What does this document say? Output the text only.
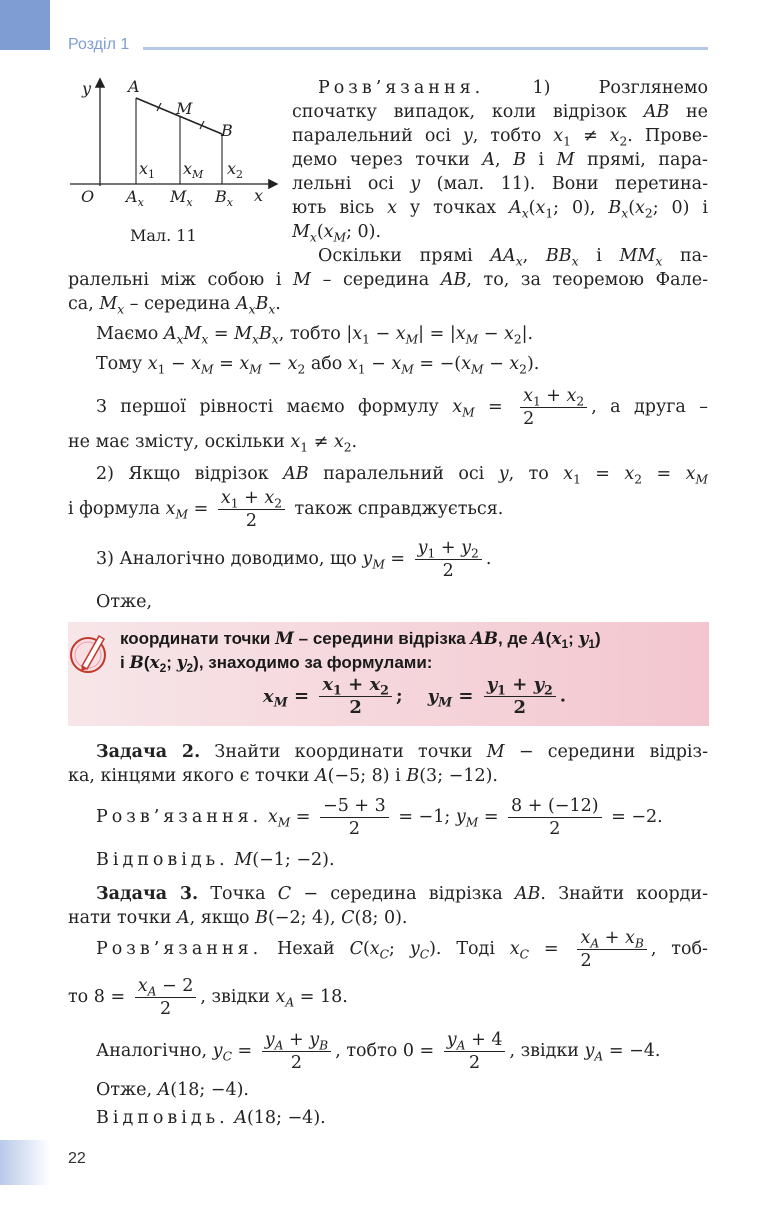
Розділ 1
y
x
O
A
M
B
$x_1$ $x_M$ $x_2$
$A_x$ $M_x$ $B_x$
Мал. 11
Розв’язання. 1) Розглянемо
спочатку випадок, коли відрізок AB не
паралельний осі y, тобто $x_1 \ne x_2$. Прове-
демо через точки A, B і M прямі, пара-
лельні осі y (мал. 11). Вони перетина-
ють вісь x у точках $A_x(x_1$; 0), $B_x(x_2$; 0) і
$M_x(x_M$; 0).
Оскільки прямі $AA_x$, $BB_x$ і $MM_x$ па-
ралельні між собою і M – середина AB, то, за теоремою Фале-
са, $M_x$ – середина $A_xB_x$.
Маємо $A_xM_x = M_xB_x$, тобто $|x_1 - x_M| = |x_M - x_2|$.
Тому $x_1 - x_M = x_M - x_2$ або $x_1 - x_M = -(x_M - x_2)$.
З першої рівності маємо формулу $x_M = \frac{x_1 + x_2}{2}$ , а друга –
не має змісту, оскільки $x_1 \ne x_2$.
2) Якщо відрізок AB паралельний осі y, то $x_1 = x_2 = x_M$
і формула $x_M = \frac{x_1 + x_2}{2}$ також справджується.
3) Аналогічно доводимо, що $y_M = \frac{y_1 + y_2}{2}$ .
Отже,
координати точки M – середини відрізка AB, де $A(x_1$; $y_1$)
і $B(x_2$; $y_2$), знаходимо за формулами:
$x_M = \frac{x_1 + x_2}{2}$ ;    $y_M = \frac{y_1 + y_2}{2}$ .
Задача 2. Знайти координати точки M − середини відріз-
ка, кінцями якого є точки A(−5; 8) і B(3; −12).
Розв’язання. $x_M = \frac{-5 + 3}{2} = -1$; $y_M = \frac{8 + (-12)}{2} = -2$.
Відповідь. M(−1; −2).
Задача 3. Точка C − середина відрізка AB. Знайти коорди-
нати точки A, якщо B(−2; 4), C(8; 0).
Розв’язання. Нехай $C(x_C$; $y_C$). Тоді $x_C = \frac{x_A + x_B}{2}$ , тоб-
то $8 = \frac{x_A - 2}{2}$ , звідки $x_A = 18$.
Аналогічно, $y_C = \frac{y_A + y_B}{2}$ , тобто $0 = \frac{y_A + 4}{2}$ , звідки $y_A = -4$.
Отже, A(18; −4).
Відповідь. A(18; −4).
22
